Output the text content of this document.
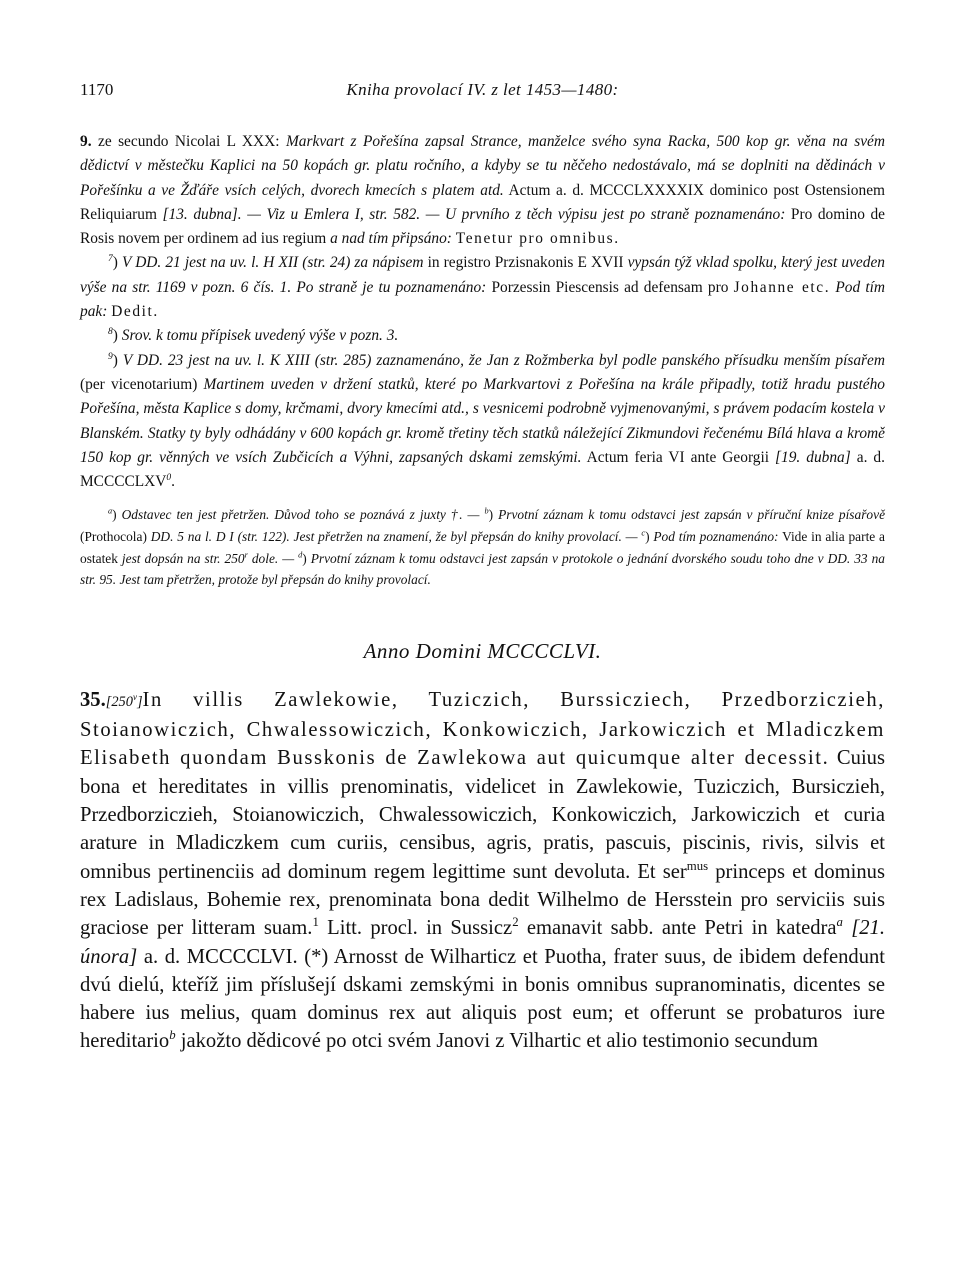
1170	Kniha provolací IV. z let 1453—1480:

9. ze secundo Nicolai L XXX: Markvart z Pořešína zapsal Strance, manželce svého syna Racka, 500 kop gr. věna na svém dědictví v městečku Kaplici na 50 kopách gr. platu ročního, a kdyby se tu něčeho nedostávalo, má se doplniti na dědinách v Pořešínku a ve Žďáře vsích celých, dvorech kmecích s platem atd. Actum a. d. MCCCLXXXXIX dominico post Ostensionem Reliquiarum [13. dubna]. — Viz u Emlera I, str. 582. — U prvního z těch výpisu jest po straně poznamenáno: Pro domino de Rosis novem per ordinem ad ius regium a nad tím připsáno: Tenetur pro omnibus.

$^7$) V DD. 21 jest na uv. l. H XII (str. 24) za nápisem in registro Przisnakonis E XVII vypsán týž vklad spolku, který jest uveden výše na str. 1169 v pozn. 6 čís. 1. Po straně je tu poznamenáno: Porzessin Piescensis ad defensam pro Johanne etc. Pod tím pak: Dedit.

$^8$) Srov. k tomu přípisek uvedený výše v pozn. 3.

$^9$) V DD. 23 jest na uv. l. K XIII (str. 285) zaznamenáno, že Jan z Rožmberka byl podle panského přísudku menším písařem (per vicenotarium) Martinem uveden v držení statků, které po Markvartovi z Pořešína na krále připadly, totiž hradu pustého Pořešína, města Kaplice s domy, krčmami, dvory kmecími atd., s vesnicemi podrobně vyjmenovanými, s právem podacím kostela v Blanském. Statky ty byly odhádány v 600 kopách gr. kromě třetiny těch statků náležející Zikmundovi řečenému Bílá hlava a kromě 150 kop gr. věnných ve vsích Zubčicích a Výhni, zapsaných dskami zemskými. Actum feria VI ante Georgii [19. dubna] a. d. MCCCCLXV$^0$.

$^a$) Odstavec ten jest přetržen. Důvod toho se poznává z juxty †. — $^b$) Prvotní záznam k tomu odstavci jest zapsán v příruční knize písařově (Prothocola) DD. 5 na l. D I (str. 122). Jest přetržen na znamení, že byl přepsán do knihy provolací. — $^c$) Pod tím poznamenáno: Vide in alia parte a ostatek jest dopsán na str. 250$^r$ dole. — $^d$) Prvotní záznam k tomu odstavci jest zapsán v protokole o jednání dvorského soudu toho dne v DD. 33 na str. 95. Jest tam přetržen, protože byl přepsán do knihy provolací.

Anno Domini MCCCCLVI.

35.[250$^v$]In villis Zawlekowie, Tuziczich, Burssicziech, Przedborziczieh, Stoianowiczich, Chwalessowiczich, Konkowiczich, Jarkowiczich et Mladiczkem Elisabeth quondam Busskonis de Zawlekowa aut quicumque alter decessit. Cuius bona et hereditates in villis prenominatis, videlicet in Zawlekowie, Tuziczich, Bursiczieh, Przedborziczieh, Stoianowiczich, Chwalessowiczich, Konkowiczich, Jarkowiczich et curia arature in Mladiczkem cum curiis, censibus, agris, pratis, pascuis, piscinis, rivis, silvis et omnibus pertinenciis ad dominum regem legittime sunt devoluta. Et ser$^{mus}$ princeps et dominus rex Ladislaus, Bohemie rex, prenominata bona dedit Wilhelmo de Hersstein pro serviciis suis graciose per litteram suam.$^1$ Litt. procl. in Sussicz$^2$ emanavit sabb. ante Petri in katedra$^a$ [21. února] a. d. MCCCCLVI. (*) Arnosst de Wilharticz et Puotha, frater suus, de ibidem defendunt dvú dielú, kteříž jim příslušejí dskami zemskými in bonis omnibus supranominatis, dicentes se habere ius melius, quam dominus rex aut aliquis post eum; et offerunt se probaturos iure hereditario$^b$ jakožto dědicové po otci svém Janovi z Vilhartic et alio testimonio secundum
